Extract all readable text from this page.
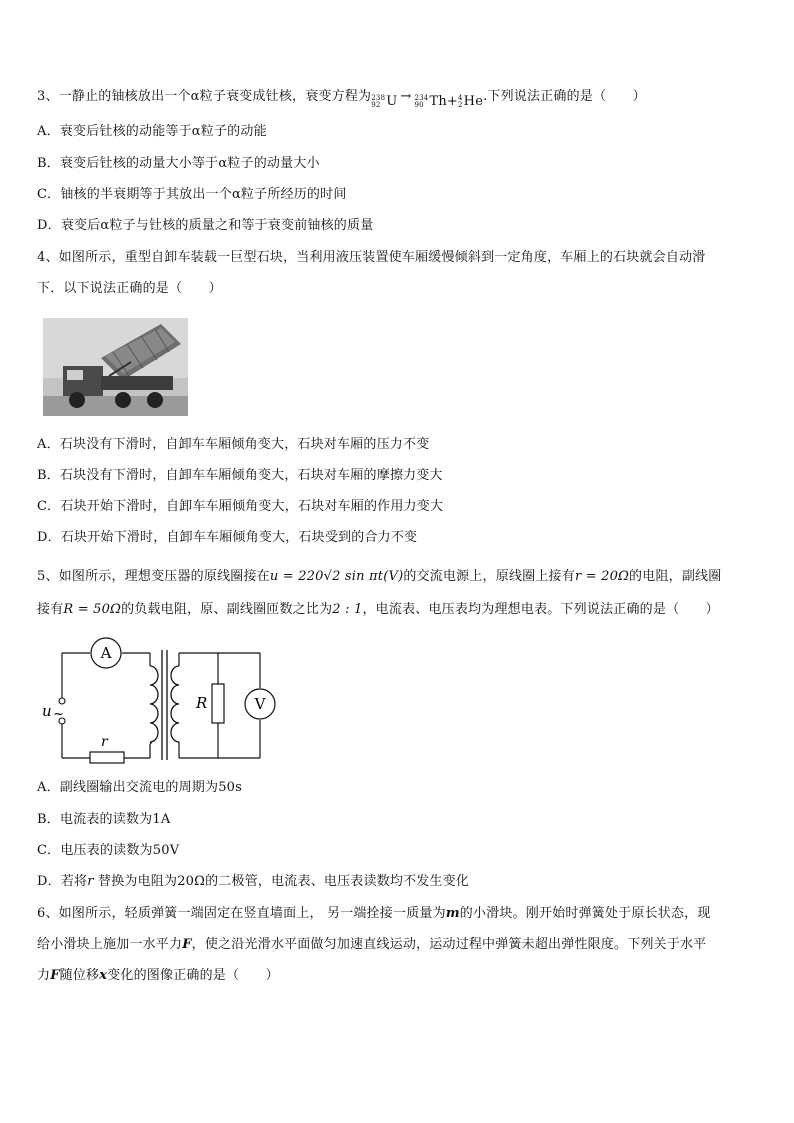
3、一静止的铀核放出一个α粒子衰变成钍核，衰变方程为 238
92 U → 234
90 Th+ 4
2 He .下列说法正确的是（　　）
A．衰变后钍核的动能等于α粒子的动能
B．衰变后钍核的动量大小等于α粒子的动量大小
C．铀核的半衰期等于其放出一个α粒子所经历的时间
D．衰变后α粒子与钍核的质量之和等于衰变前铀核的质量
4、如图所示，重型自卸车装载一巨型石块，当利用液压装置使车厢缓慢倾斜到一定角度，车厢上的石块就会自动滑
下．以下说法正确的是（　　）
A．石块没有下滑时，自卸车车厢倾角变大，石块对车厢的压力不变
B．石块没有下滑时，自卸车车厢倾角变大，石块对车厢的摩擦力变大
C．石块开始下滑时，自卸车车厢倾角变大，石块对车厢的作用力变大
D．石块开始下滑时，自卸车车厢倾角变大，石块受到的合力不变
5、如图所示，理想变压器的原线圈接在u = 220√2 sin πt(V)的交流电源上，原线圈上接有r = 20Ω的电阻，副线圈
接有R = 50Ω的负载电阻，原、副线圈匝数之比为2 : 1，电流表、电压表均为理想电表。下列说法正确的是（　　）
A
u ~
r
R	V
A．副线圈输出交流电的周期为50s
B．电流表的读数为1A
C．电压表的读数为50V
D．若将r 替换为电阻为20Ω的二极管，电流表、电压表读数均不发生变化
6、如图所示，轻质弹簧一端固定在竖直墙面上， 另一端拴接一质量为m的小滑块。刚开始时弹簧处于原长状态，现
给小滑块上施加一水平力F，使之沿光滑水平面做匀加速直线运动，运动过程中弹簧未超出弹性限度。下列关于水平
力F随位移x变化的图像正确的是（　　）
